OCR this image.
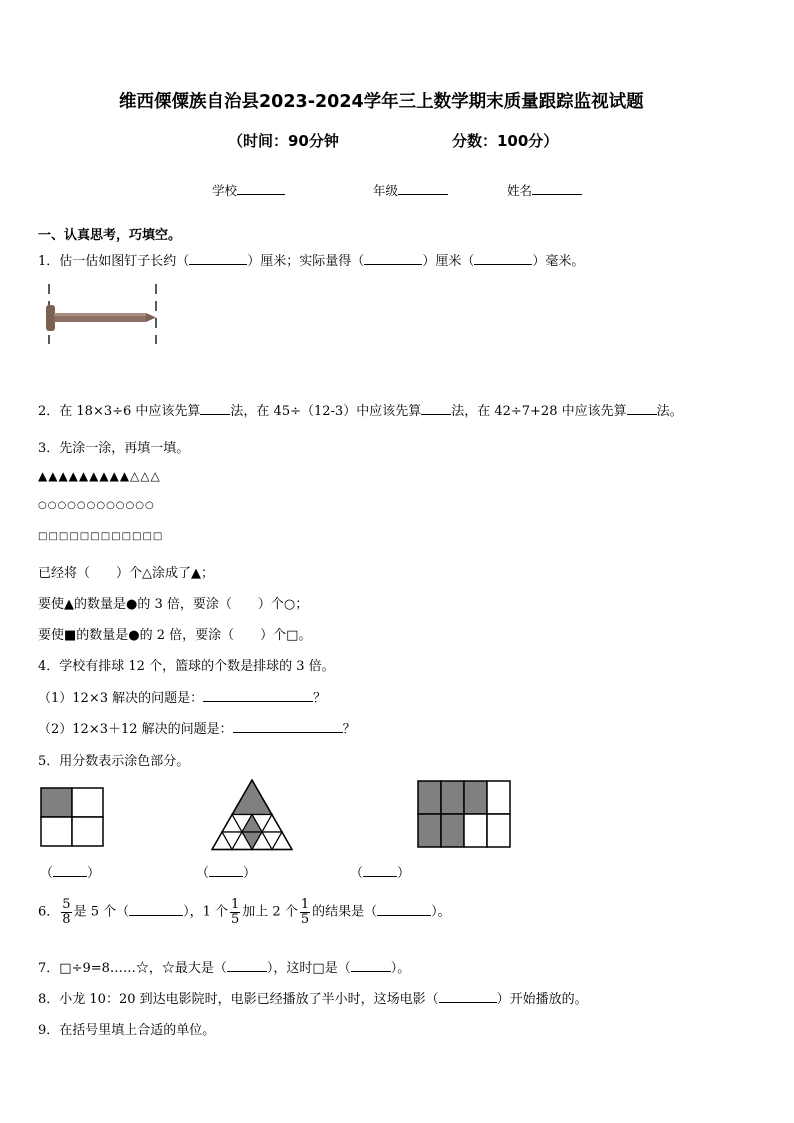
维西傈僳族自治县2023-2024学年三上数学期末质量跟踪监视试题
（时间：90分钟	分数：100分）
学校	年级	姓名
一、认真思考，巧填空。
1．估一估如图钉子长约（	）厘米；实际量得（	）厘米（	）毫米。
2．在 18×3÷6 中应该先算 法，在 45÷（12-3）中应该先算 法，在 42÷7+28 中应该先算 法。
3．先涂一涂，再填一填。
▲▲▲▲▲▲▲▲▲△△△
○○○○○○○○○○○○
□□□□□□□□□□□□
已经将（ ）个△涂成了▲；
要使▲的数量是●的 3 倍，要涂（ ）个○；
要使■的数量是●的 2 倍，要涂（ ）个□。
4．学校有排球 12 个，篮球的个数是排球的 3 倍。
（1）12×3 解决的问题是：	？
（2）12×3＋12 解决的问题是：	？
5．用分数表示涂色部分。
（	）	（	）	（	）
6． $\frac{5}{8}$ 是 5 个（	），1 个 $\frac{1}{5}$ 加上 2 个 $\frac{1}{5}$ 的结果是（	）。
7．□÷9=8……☆，☆最大是（	），这时□是（	）。
8．小龙 10：20 到达电影院时，电影已经播放了半小时，这场电影（	）开始播放的。
9．在括号里填上合适的单位。
